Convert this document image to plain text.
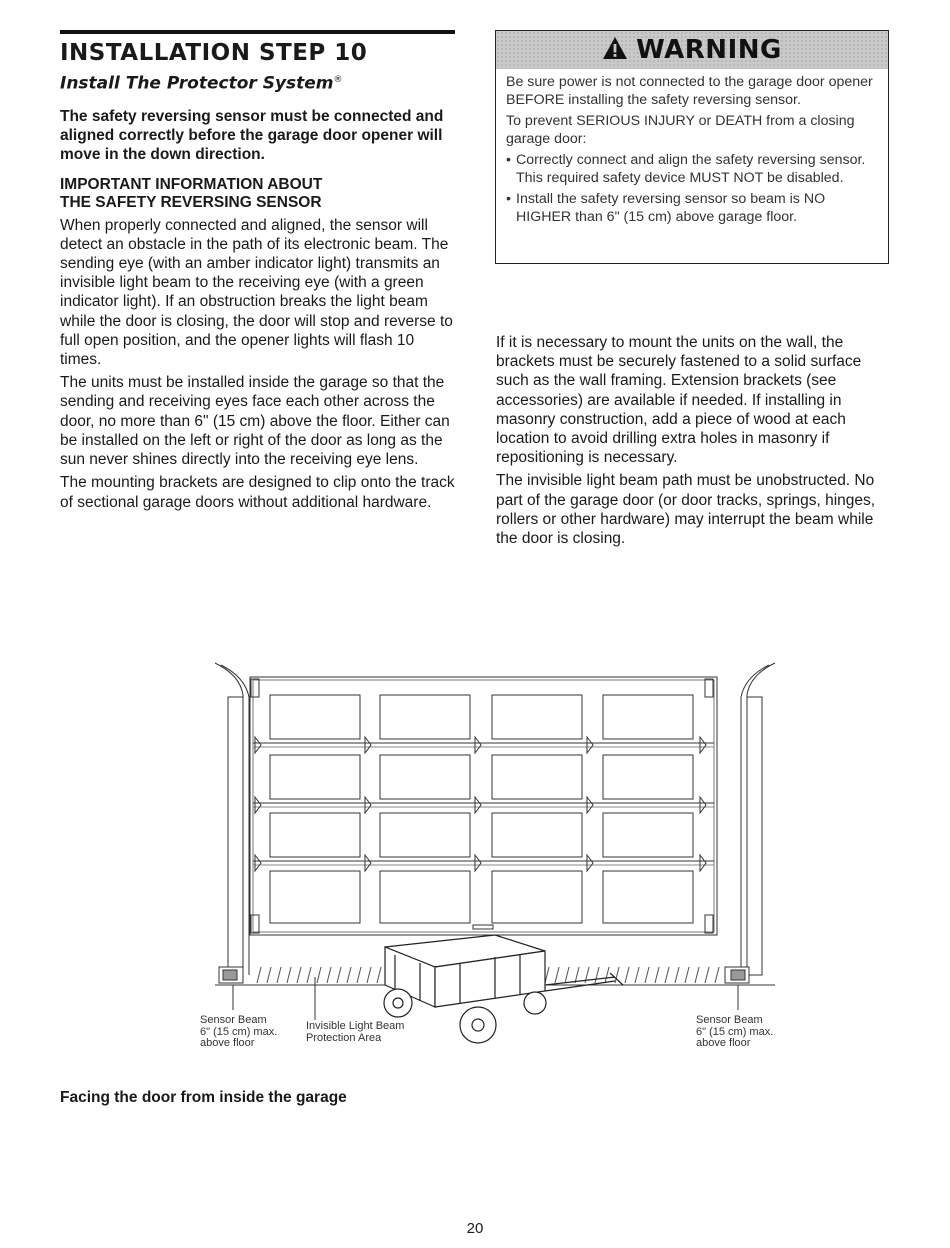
INSTALLATION STEP 10
Install The Protector System®

The safety reversing sensor must be connected and aligned correctly before the garage door opener will move in the down direction.

IMPORTANT INFORMATION ABOUT
THE SAFETY REVERSING SENSOR

When properly connected and aligned, the sensor will detect an obstacle in the path of its electronic beam. The sending eye (with an amber indicator light) transmits an invisible light beam to the receiving eye (with a green indicator light). If an obstruction breaks the light beam while the door is closing, the door will stop and reverse to full open position, and the opener lights will flash 10 times.

The units must be installed inside the garage so that the sending and receiving eyes face each other across the door, no more than 6" (15 cm) above the floor. Either can be installed on the left or right of the door as long as the sun never shines directly into the receiving eye lens.

The mounting brackets are designed to clip onto the track of sectional garage doors without additional hardware.

WARNING

Be sure power is not connected to the garage door opener BEFORE installing the safety reversing sensor.

To prevent SERIOUS INJURY or DEATH from a closing garage door:

• Correctly connect and align the safety reversing sensor. This required safety device MUST NOT be disabled.
• Install the safety reversing sensor so beam is NO HIGHER than 6" (15 cm) above garage floor.

If it is necessary to mount the units on the wall, the brackets must be securely fastened to a solid surface such as the wall framing. Extension brackets (see accessories) are available if needed. If installing in masonry construction, add a piece of wood at each location to avoid drilling extra holes in masonry if repositioning is necessary.

The invisible light beam path must be unobstructed. No part of the garage door (or door tracks, springs, hinges, rollers or other hardware) may interrupt the beam while the door is closing.

Sensor Beam
6" (15 cm) max.
above floor
Invisible Light Beam
Protection Area
Sensor Beam
6" (15 cm) max.
above floor
Facing the door from inside the garage
20
